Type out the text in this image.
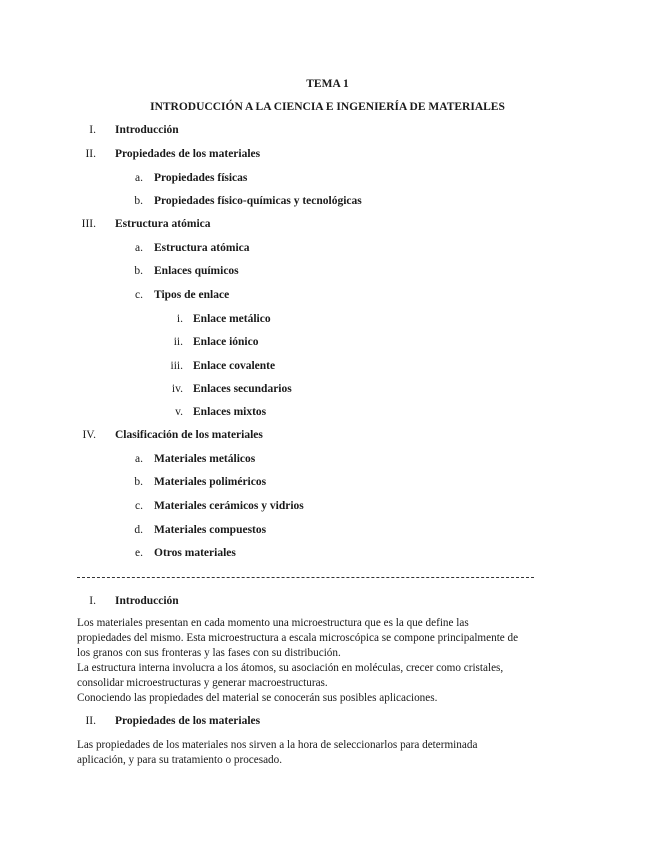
TEMA 1
INTRODUCCIÓN A LA CIENCIA E INGENIERÍA DE MATERIALES
I. Introducción
II. Propiedades de los materiales
a. Propiedades físicas
b. Propiedades físico-químicas y tecnológicas
III. Estructura atómica
a. Estructura atómica
b. Enlaces químicos
c. Tipos de enlace
i. Enlace metálico
ii. Enlace iónico
iii. Enlace covalente
iv. Enlaces secundarios
v. Enlaces mixtos
IV. Clasificación de los materiales
a. Materiales metálicos
b. Materiales poliméricos
c. Materiales cerámicos y vidrios
d. Materiales compuestos
e. Otros materiales
I. Introducción
Los materiales presentan en cada momento una microestructura que es la que define las
propiedades del mismo. Esta microestructura a escala microscópica se compone principalmente de
los granos con sus fronteras y las fases con su distribución.
La estructura interna involucra a los átomos, su asociación en moléculas, crecer como cristales,
consolidar microestructuras y generar macroestructuras.
Conociendo las propiedades del material se conocerán sus posibles aplicaciones.
II. Propiedades de los materiales
Las propiedades de los materiales nos sirven a la hora de seleccionarlos para determinada
aplicación, y para su tratamiento o procesado.
